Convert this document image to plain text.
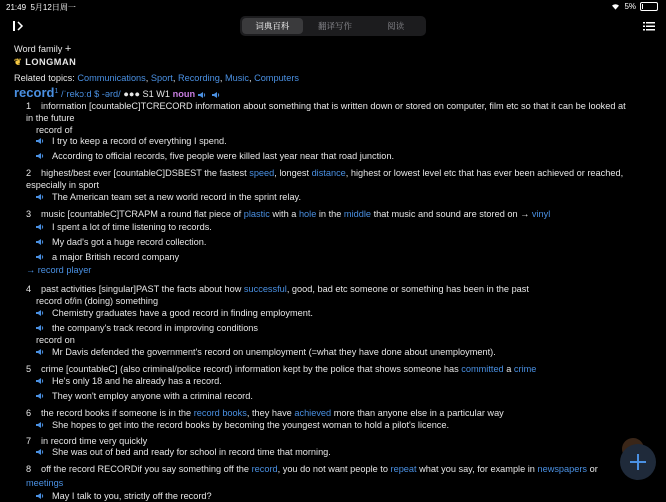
21:49 5月12日周一	5%
词典百科	翻译写作	阅读
Word family +
❦ LONGMAN
Related topics: Communications, Sport, Recording, Music, Computers
record$^1$ /ˈrekɔːd $ -ərd/ ●●● S1 W1 noun
1 information [countableC]TCRECORD information about something that is written down or stored on computer, film etc so that it can be looked at
in the future
record of
I try to keep a record of everything I spend.
According to official records, five people were killed last year near that road junction.
2 highest/best ever [countableC]DSBEST the fastest speed, longest distance, highest or lowest level etc that has ever been achieved or reached,
especially in sport
The American team set a new world record in the sprint relay.
3 music [countableC]TCRAPM a round flat piece of plastic with a hole in the middle that music and sound are stored on → vinyl
I spent a lot of time listening to records.
My dad's got a huge record collection.
a major British record company
→ record player
4 past activities [singular]PAST the facts about how successful, good, bad etc someone or something has been in the past
record of/in (doing) something
Chemistry graduates have a good record in finding employment.
the company's track record in improving conditions
record on
Mr Davis defended the government's record on unemployment (=what they have done about unemployment).
5 crime [countableC] (also criminal/police record) information kept by the police that shows someone has committed a crime
He's only 18 and he already has a record.
They won't employ anyone with a criminal record.
6 the record books if someone is in the record books, they have achieved more than anyone else in a particular way
She hopes to get into the record books by becoming the youngest woman to hold a pilot's licence.
7 in record time very quickly
She was out of bed and ready for school in record time that morning.
8 off the record RECORDif you say something off the record, you do not want people to repeat what you say, for example in newspapers or
meetings
May I talk to you, strictly off the record?
